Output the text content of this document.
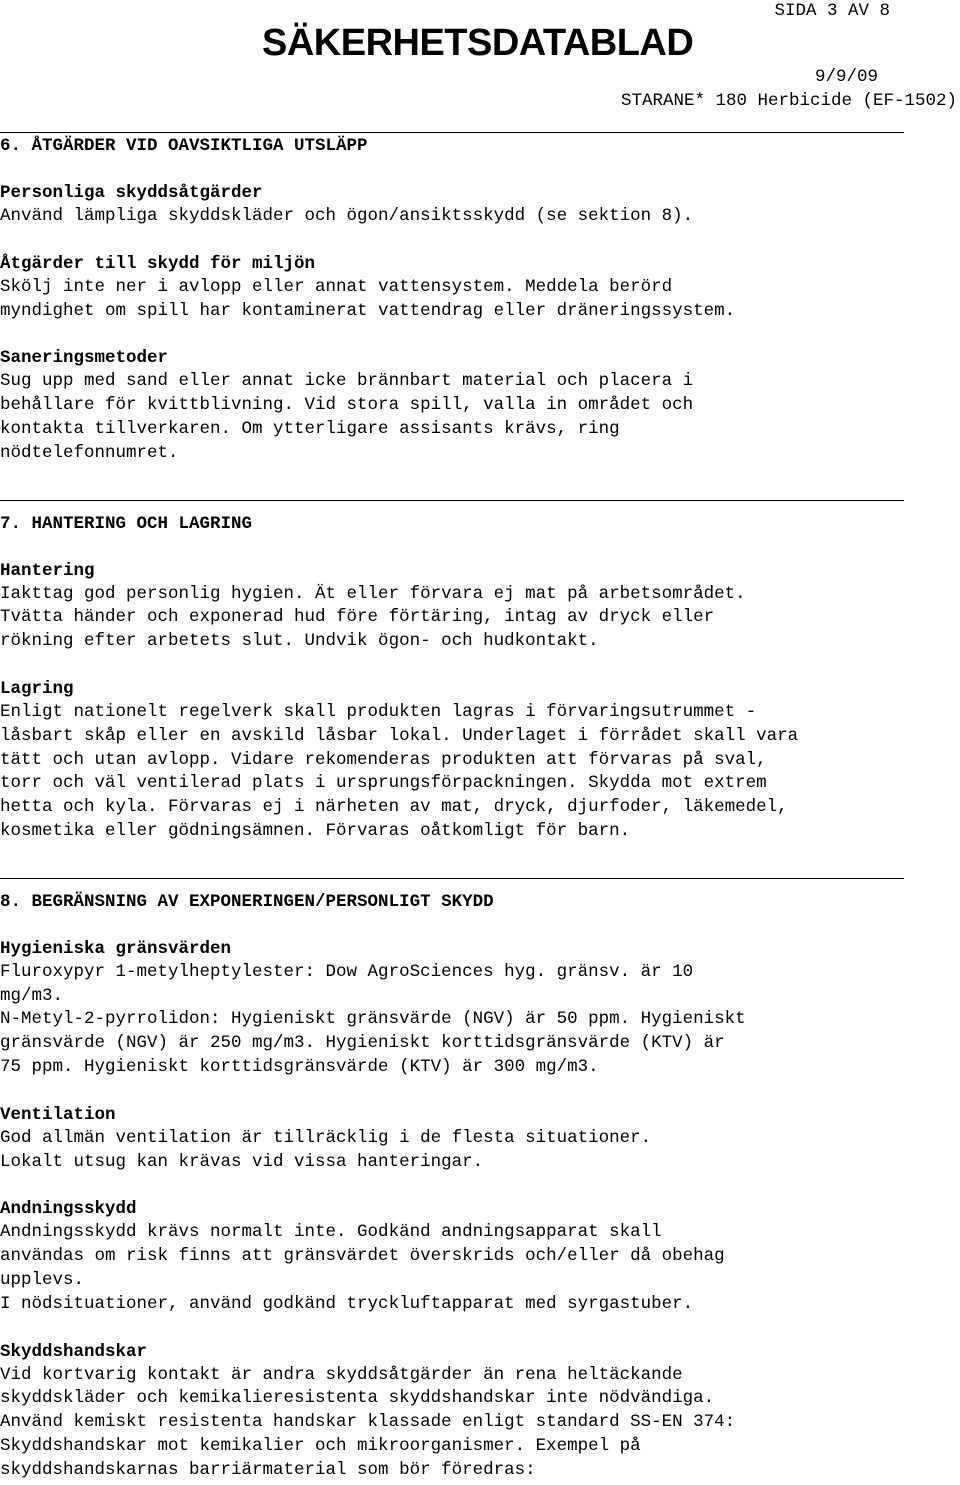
SIDA 3 AV 8
SÄKERHETSDATABLAD
9/9/09
STARANE* 180 Herbicide (EF-1502)

6. ÅTGÄRDER VID OAVSIKTLIGA UTSLÄPP

Personliga skyddsåtgärder

Använd lämpliga skyddskläder och ögon/ansiktsskydd (se sektion 8).

Åtgärder till skydd för miljön

Skölj inte ner i avlopp eller annat vattensystem. Meddela berörd

myndighet om spill har kontaminerat vattendrag eller dräneringssystem.

Saneringsmetoder

Sug upp med sand eller annat icke brännbart material och placera i

behållare för kvittblivning. Vid stora spill, valla in området och

kontakta tillverkaren. Om ytterligare assisants krävs, ring

nödtelefonnumret.

7. HANTERING OCH LAGRING

Hantering

Iakttag god personlig hygien. Ät eller förvara ej mat på arbetsområdet.

Tvätta händer och exponerad hud före förtäring, intag av dryck eller

rökning efter arbetets slut. Undvik ögon- och hudkontakt.

Lagring

Enligt nationelt regelverk skall produkten lagras i förvaringsutrummet -

låsbart skåp eller en avskild låsbar lokal. Underlaget i förrådet skall vara

tätt och utan avlopp. Vidare rekomenderas produkten att förvaras på sval,

torr och väl ventilerad plats i ursprungsförpackningen. Skydda mot extrem

hetta och kyla. Förvaras ej i närheten av mat, dryck, djurfoder, läkemedel,

kosmetika eller gödningsämnen. Förvaras oåtkomligt för barn.

8. BEGRÄNSNING AV EXPONERINGEN/PERSONLIGT SKYDD

Hygieniska gränsvärden

Fluroxypyr 1-metylheptylester: Dow AgroSciences hyg. gränsv. är 10

mg/m3.

N-Metyl-2-pyrrolidon: Hygieniskt gränsvärde (NGV) är 50 ppm. Hygieniskt

gränsvärde (NGV) är 250 mg/m3. Hygieniskt korttidsgränsvärde (KTV) är

75 ppm. Hygieniskt korttidsgränsvärde (KTV) är 300 mg/m3.

Ventilation

God allmän ventilation är tillräcklig i de flesta situationer.

Lokalt utsug kan krävas vid vissa hanteringar.

Andningsskydd

Andningsskydd krävs normalt inte. Godkänd andningsapparat skall

användas om risk finns att gränsvärdet överskrids och/eller då obehag

upplevs.

I nödsituationer, använd godkänd tryckluftapparat med syrgastuber.

Skyddshandskar

Vid kortvarig kontakt är andra skyddsåtgärder än rena heltäckande

skyddskläder och kemikalieresistenta skyddshandskar inte nödvändiga.

Använd kemiskt resistenta handskar klassade enligt standard SS-EN 374:

Skyddshandskar mot kemikalier och mikroorganismer. Exempel på

skyddshandskarnas barriärmaterial som bör föredras:
